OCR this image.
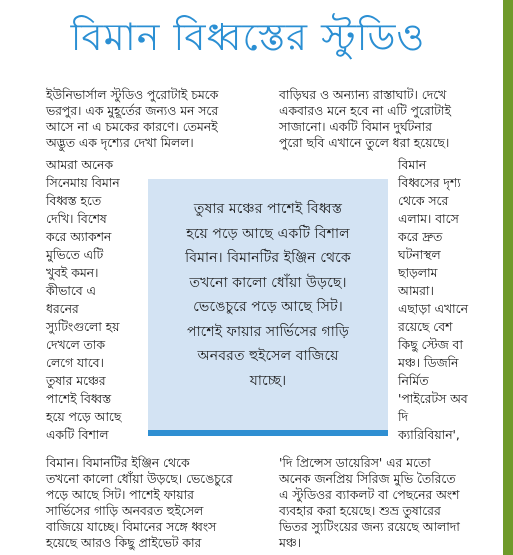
বিমান বিধ্বস্তের স্টুডিও
ইউনিভার্সাল স্টুডিও পুরোটাই চমকে
ভরপুর। এক মুহূর্তের জন্যও মন সরে
আসে না এ চমকের কারণে। তেমনই
অদ্ভুত এক দৃশ্যের দেখা মিলল।
আমরা অনেক
সিনেমায় বিমান
বিধ্বস্ত হতে
দেখি। বিশেষ
করে অ্যাকশন
মুভিতে এটি
খুবই কমন।
কীভাবে এ
ধরনের
স্যুটিংগুলো হয়
দেখলে তাক
লেগে যাবে।
তুষার মঞ্চের
পাশেই বিধ্বস্ত
হয়ে পড়ে আছে
একটি বিশাল
বিমান। বিমানটির ইঞ্জিন থেকে
তখনো কালো ধোঁয়া উড়ছে। ভেঙেচুরে
পড়ে আছে সিট। পাশেই ফায়ার
সার্ভিসের গাড়ি অনবরত হুইসেল
বাজিয়ে যাচ্ছে। বিমানের সঙ্গে ধ্বংস
হয়েছে আরও কিছু প্রাইভেট কার
বাড়িঘর ও অন্যান্য রাস্তাঘাট। দেখে
একবারও মনে হবে না এটি পুরোটাই
সাজানো। একটি বিমান দুর্ঘটনার
পুরো ছবি এখানে তুলে ধরা হয়েছে।
বিমান
বিধ্বসের দৃশ্য
থেকে সরে
এলাম। বাসে
করে দ্রুত
ঘটনাস্থল
ছাড়লাম
আমরা।
এছাড়া এখানে
রয়েছে বেশ
কিছু স্টেজ বা
মঞ্চ। ডিজনি
নির্মিত
'পাইরেটস অব
দি
ক্যারিবিয়ান',
'দি প্রিন্সেস ডায়েরিস' এর মতো
অনেক জনপ্রিয় সিরিজ মুভি তৈরিতে
এ স্টুডিওর ব্যাকলট বা পেছনের অংশ
ব্যবহার করা হয়েছে। শুভ্র তুষারের
ভিতর স্যুটিংয়ের জন্য রয়েছে আলাদা
মঞ্চ।

তুষার মঞ্চের পাশেই বিধ্বস্ত

হয়ে পড়ে আছে একটি বিশাল

বিমান। বিমানটির ইঞ্জিন থেকে

তখনো কালো ধোঁয়া উড়ছে।

ভেঙেচুরে পড়ে আছে সিট।

পাশেই ফায়ার সার্ভিসের গাড়ি

অনবরত হুইসেল বাজিয়ে

যাচ্ছে।
